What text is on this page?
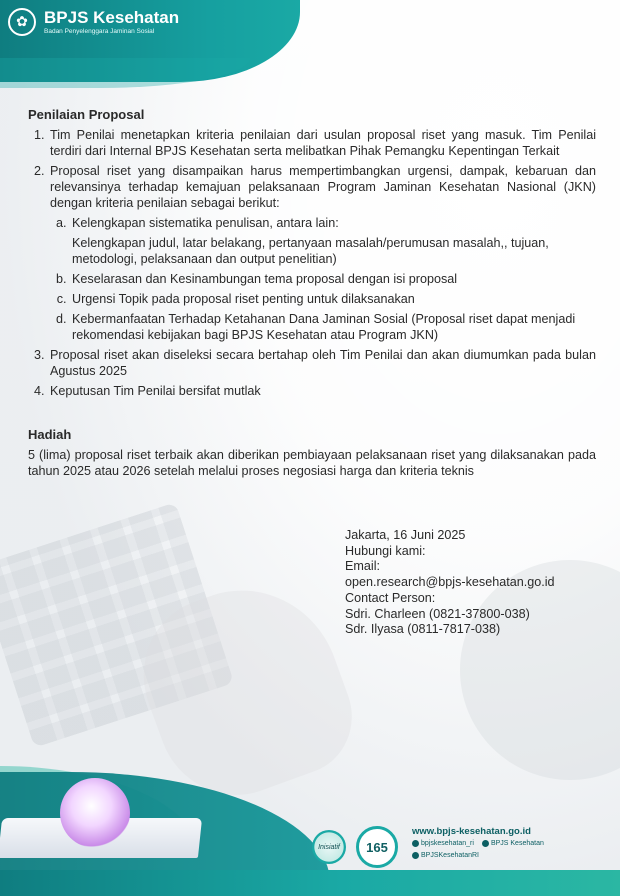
✿ BPJS Kesehatan
Badan Penyelenggara Jaminan Sosial
Penilaian Proposal
1. Tim Penilai menetapkan kriteria penilaian dari usulan proposal riset yang masuk. Tim Penilai terdiri dari Internal BPJS Kesehatan serta melibatkan Pihak Pemangku Kepentingan Terkait
2. Proposal riset yang disampaikan harus mempertimbangkan urgensi, dampak, kebaruan dan relevansinya terhadap kemajuan pelaksanaan Program Jaminan Kesehatan Nasional (JKN) dengan kriteria penilaian sebagai berikut:
a. Kelengkapan sistematika penulisan, antara lain:
Kelengkapan judul, latar belakang, pertanyaan masalah/perumusan masalah,, tujuan, metodologi, pelaksanaan dan output penelitian)
b. Keselarasan dan Kesinambungan tema proposal dengan isi proposal
c. Urgensi Topik pada proposal riset penting untuk dilaksanakan
d. Kebermanfaatan Terhadap Ketahanan Dana Jaminan Sosial (Proposal riset dapat menjadi rekomendasi kebijakan bagi BPJS Kesehatan atau Program JKN)
3. Proposal riset akan diseleksi secara bertahap oleh Tim Penilai dan akan diumumkan pada bulan Agustus 2025
4. Keputusan Tim Penilai bersifat mutlak
Hadiah

5 (lima) proposal riset terbaik akan diberikan pembiayaan pelaksanaan riset yang dilaksanakan pada tahun 2025 atau 2026 setelah melalui proses negosiasi harga dan kriteria teknis

Jakarta, 16 Juni 2025
Hubungi kami:
Email:
open.research@bpjs-kesehatan.go.id
Contact Person:
Sdri. Charleen (0821-37800-038)
Sdr. Ilyasa (0811-7817-038)
Inisiatif 165
www.bpjs-kesehatan.go.id
bpjskesehatan_ri	BPJS Kesehatan
BPJSKesehatanRI
